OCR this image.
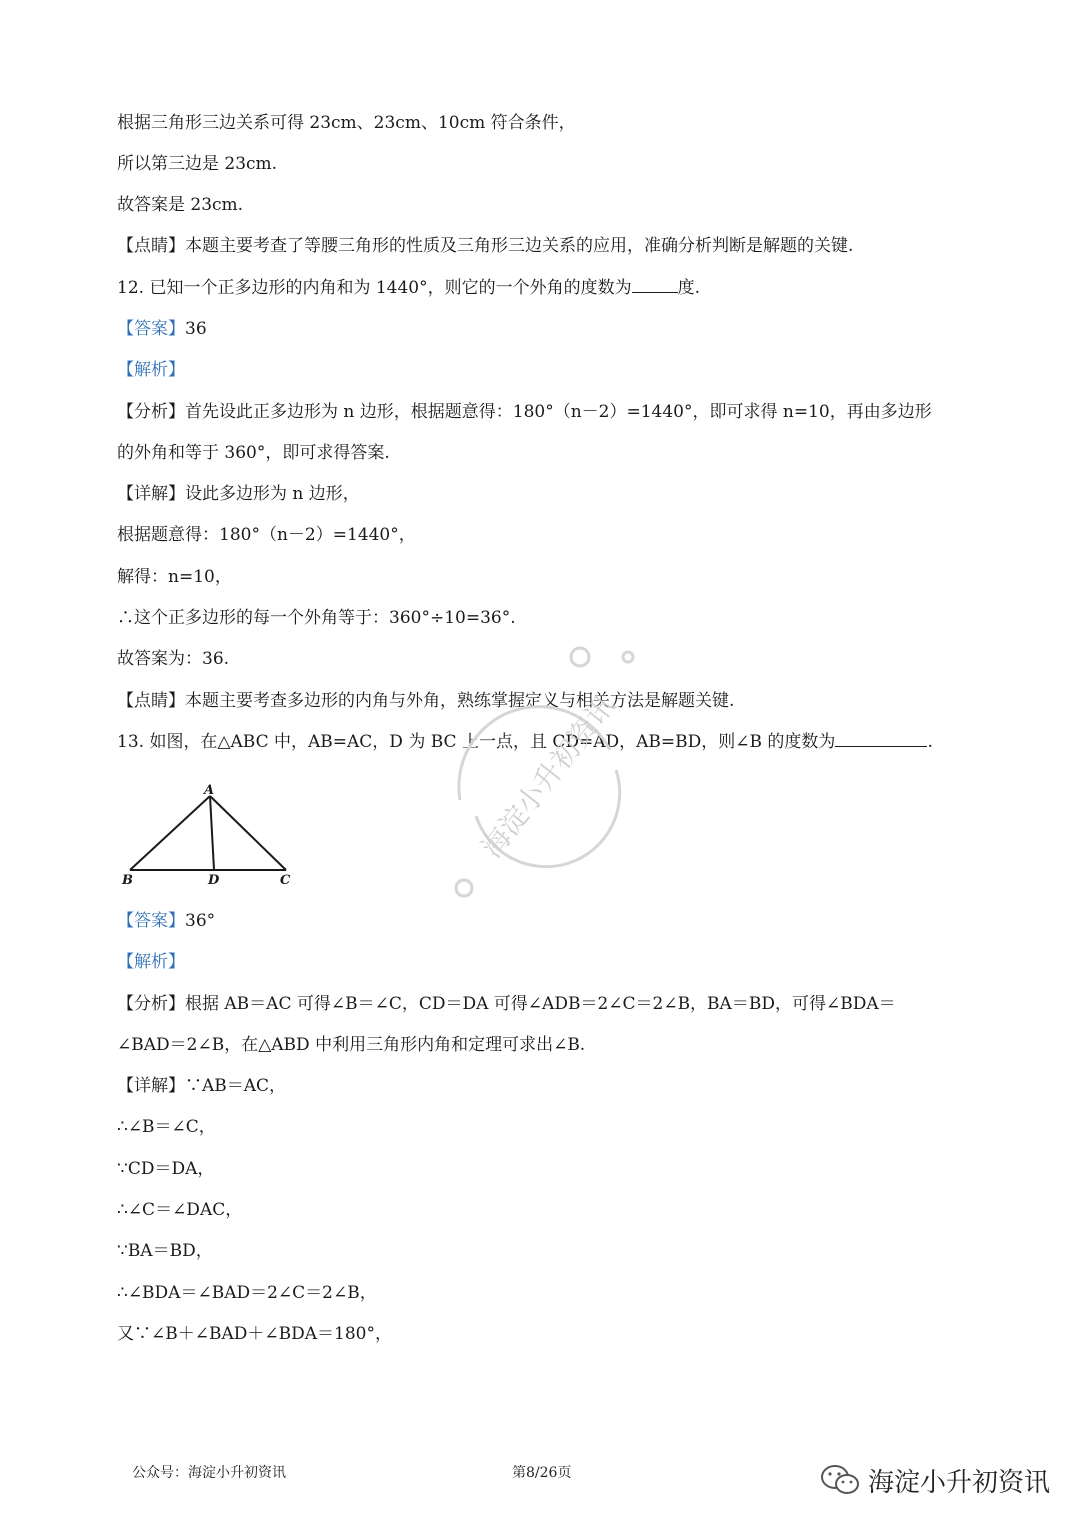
根据三角形三边关系可得 23cm、23cm、10cm 符合条件，
所以第三边是 23cm.
故答案是 23cm.
【点睛】本题主要考查了等腰三角形的性质及三角形三边关系的应用，准确分析判断是解题的关键.
12. 已知一个正多边形的内角和为 1440°，则它的一个外角的度数为	度.
【答案】36
【解析】
【分析】首先设此正多边形为 n 边形，根据题意得：180°（n－2）=1440°，即可求得 n=10，再由多边形
的外角和等于 360°，即可求得答案.
【详解】设此多边形为 n 边形，
根据题意得：180°（n－2）=1440°，
解得：n=10，
∴这个正多边形的每一个外角等于：360°÷10=36°.
故答案为：36.
【点睛】本题主要考查多边形的内角与外角，熟练掌握定义与相关方法是解题关键.
13. 如图，在△ABC 中，AB=AC，D 为 BC 上一点，且 CD=AD，AB=BD，则∠B 的度数为	.
A
B	D	C
【答案】36°
【解析】
【分析】根据 AB＝AC 可得∠B＝∠C，CD＝DA 可得∠ADB＝2∠C＝2∠B，BA＝BD，可得∠BDA＝
∠BAD＝2∠B，在△ABD 中利用三角形内角和定理可求出∠B.
【详解】∵AB＝AC，
∴∠B＝∠C，
∵CD＝DA，
∴∠C＝∠DAC，
∵BA＝BD，
∴∠BDA＝∠BAD＝2∠C＝2∠B，
又∵∠B＋∠BAD＋∠BDA＝180°，
海淀小升初资讯
公众号：海淀小升初资讯	第8/26页	海淀小升初资讯
